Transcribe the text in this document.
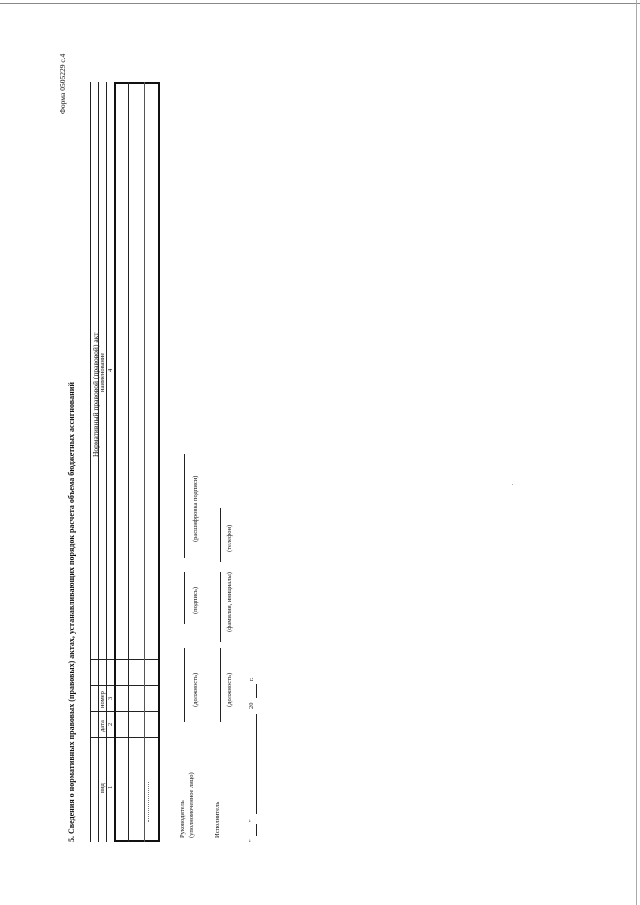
Форма 0505229 с.4
5. Сведения о нормативных правовых (правовых) актах, устанавливающих порядок расчета объема бюджетных ассигнований Нормативный правовой (правовой) акт
вид
дата
номер
наименование
1
2
3
4
Руководитель (уполномоченное лицо)
(должность)
(подпись)
(расшифровка подписи)
Исполнитель
(должность)
(фамилия, инициалы)
(телефон)
"
"
20
г.
